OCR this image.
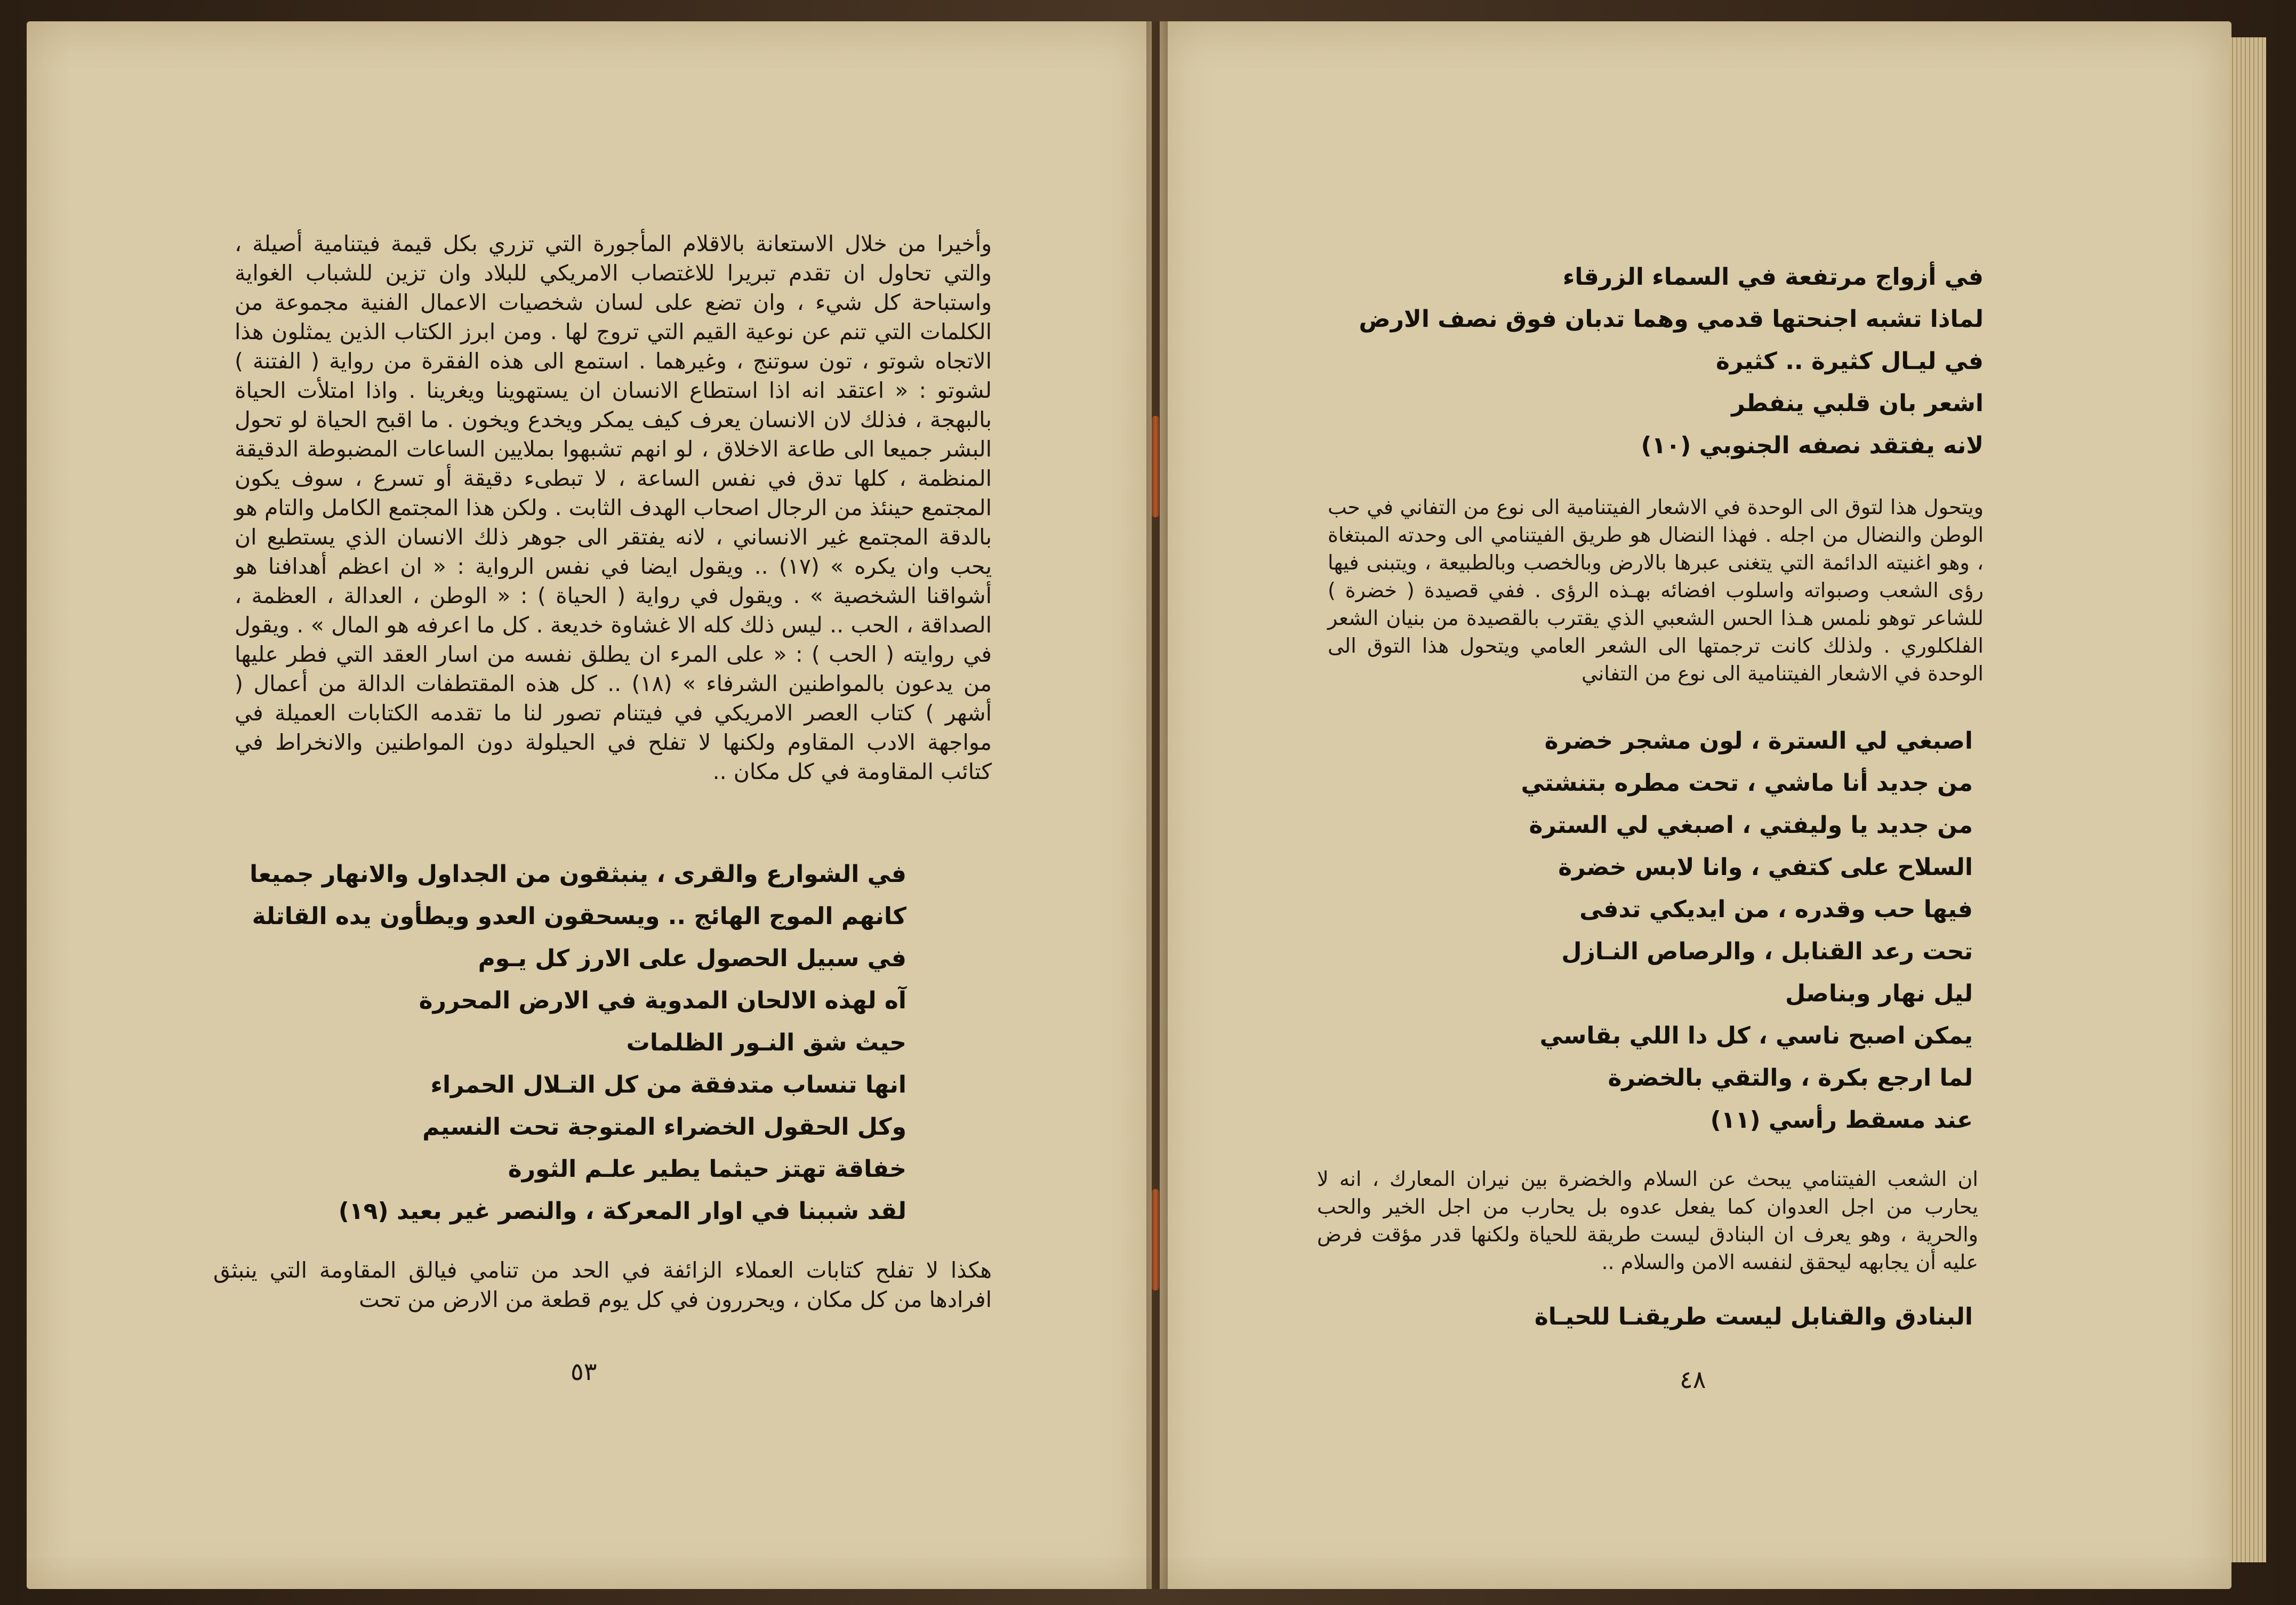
وأخيرا من خلال الاستعانة بالاقلام المأجورة التي تزري بكل قيمة فيتنامية أصيلة ، والتي تحاول ان تقدم تبريرا للاغتصاب الامريكي للبلاد وان تزين للشباب الغواية واستباحة كل شيء ، وان تضع على لسان شخصيات الاعمال الفنية مجموعة من الكلمات التي تنم عن نوعية القيم التي تروج لها . ومن ابرز الكتاب الذين يمثلون هذا الاتجاه شوتو ، تون سوتنج ، وغيرهما . استمع الى هذه الفقرة من رواية ( الفتنة ) لشوتو : « اعتقد انه اذا استطاع الانسان ان يستهوينا ويغرينا . واذا امتلأت الحياة بالبهجة ، فذلك لان الانسان يعرف كيف يمكر ويخدع ويخون . ما اقبح الحياة لو تحول البشر جميعا الى طاعة الاخلاق ، لو انهم تشبهوا بملايين الساعات المضبوطة الدقيقة المنظمة ، كلها تدق في نفس الساعة ، لا تبطىء دقيقة أو تسرع ، سوف يكون المجتمع حينئذ من الرجال اصحاب الهدف الثابت . ولكن هذا المجتمع الكامل والتام هو بالدقة المجتمع غير الانساني ، لانه يفتقر الى جوهر ذلك الانسان الذي يستطيع ان يحب وان يكره » (١٧) .. ويقول ايضا في نفس الرواية : « ان اعظم أهدافنا هو أشواقنا الشخصية » . ويقول في رواية ( الحياة ) : « الوطن ، العدالة ، العظمة ، الصداقة ، الحب .. ليس ذلك كله الا غشاوة خديعة . كل ما اعرفه هو المال » . ويقول في روايته ( الحب ) : « على المرء ان يطلق نفسه من اسار العقد التي فطر عليها من يدعون بالمواطنين الشرفاء » (١٨) .. كل هذه المقتطفات الدالة من أعمال ( أشهر ) كتاب العصر الامريكي في فيتنام تصور لنا ما تقدمه الكتابات العميلة في مواجهة الادب المقاوم ولكنها لا تفلح في الحيلولة دون المواطنين والانخراط في كتائب المقاومة في كل مكان ..

في الشوارع والقرى ، ينبثقون من الجداول والانهار جميعا
كانهم الموج الهائج .. ويسحقون العدو ويطأون يده القاتلة
في سبيل الحصول على الارز كل يـوم
آه لهذه الالحان المدوية في الارض المحررة
حيث شق النـور الظلمات
انها تنساب متدفقة من كل التـلال الحمراء
وكل الحقول الخضراء المتوجة تحت النسيم
خفاقة تهتز حيثما يطير علـم الثورة
لقد شببنا في اوار المعركة ، والنصر غير بعيد (١٩)

هكذا لا تفلح كتابات العملاء الزائفة في الحد من تنامي فيالق المقاومة التي ينبثق افرادها من كل مكان ، ويحررون في كل يوم قطعة من الارض من تحت

٥٣
في أزواج مرتفعة في السماء الزرقاء
لماذا تشبه اجنحتها قدمي وهما تدبان فوق نصف الارض
في ليـال كثيرة .. كثيرة
اشعر بان قلبي ينفطر
لانه يفتقد نصفه الجنوبي (١٠)

ويتحول هذا لتوق الى الوحدة في الاشعار الفيتنامية الى نوع من التفاني في حب الوطن والنضال من اجله . فهذا النضال هو طريق الفيتنامي الى وحدته المبتغاة ، وهو اغنيته الدائمة التي يتغنى عبرها بالارض وبالخصب وبالطبيعة ، ويتبنى فيها رؤى الشعب وصبواته واسلوب افضائه بهـذه الرؤى . ففي قصيدة ( خضرة ) للشاعر توهو نلمس هـذا الحس الشعبي الذي يقترب بالقصيدة من بنيان الشعر الفلكلوري . ولذلك كانت ترجمتها الى الشعر العامي ويتحول هذا التوق الى الوحدة في الاشعار الفيتنامية الى نوع من التفاني

اصبغي لي السترة ، لون مشجر خضرة
من جديد أنا ماشي ، تحت مطره بتنشتي
من جديد يا وليفتي ، اصبغي لي السترة
السلاح على كتفي ، وانا لابس خضرة
فيها حب وقدره ، من ايديكي تدفى
تحت رعد القنابل ، والرصاص النـازل
ليل نهار وبناصل
يمكن اصبح ناسي ، كل دا اللي بقاسي
لما ارجع بكرة ، والتقي بالخضرة
عند مسقط رأسي (١١)

ان الشعب الفيتنامي يبحث عن السلام والخضرة بين نيران المعارك ، انه لا يحارب من اجل العدوان كما يفعل عدوه بل يحارب من اجل الخير والحب والحرية ، وهو يعرف ان البنادق ليست طريقة للحياة ولكنها قدر مؤقت فرض عليه أن يجابهه ليحقق لنفسه الامن والسلام ..

البنادق والقنابل ليست طريقنـا للحيـاة
٤٨
